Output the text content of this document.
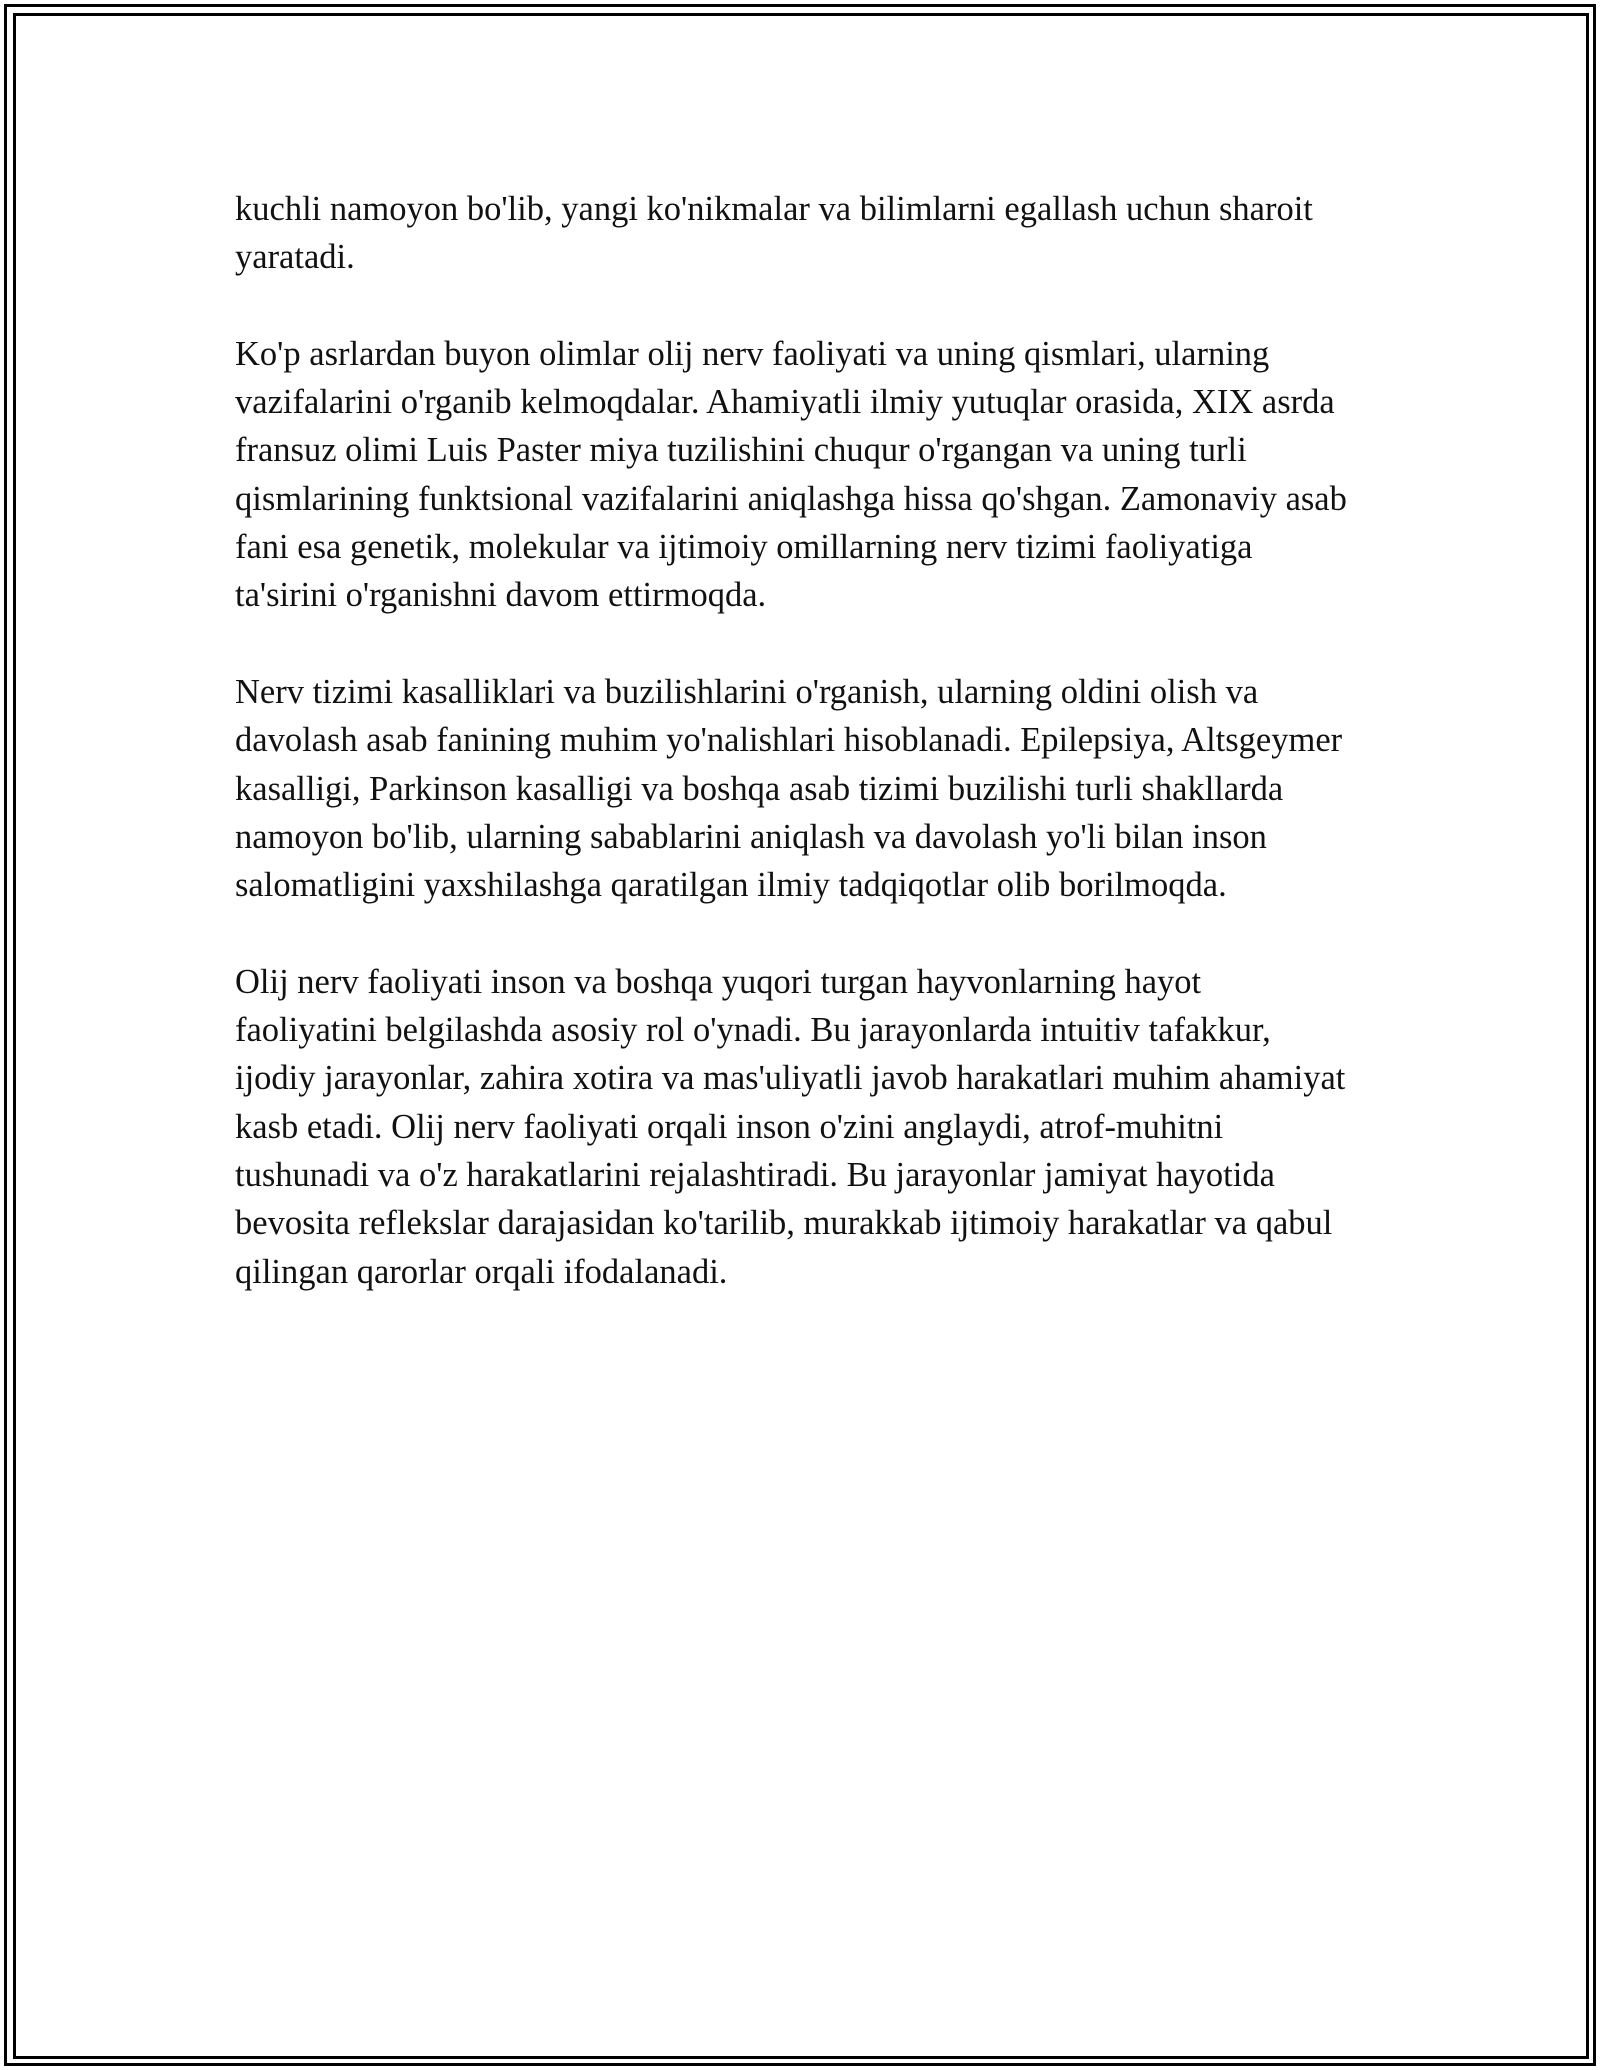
kuchli namoyon bo'lib, yangi ko'nikmalar va bilimlarni egallash uchun sharoit yaratadi.

Ko'p asrlardan buyon olimlar olij nerv faoliyati va uning qismlari, ularning vazifalarini o'rganib kelmoqdalar. Ahamiyatli ilmiy yutuqlar orasida, XIX asrda fransuz olimi Luis Paster miya tuzilishini chuqur o'rgangan va uning turli qismlarining funktsional vazifalarini aniqlashga hissa qo'shgan. Zamonaviy asab fani esa genetik, molekular va ijtimoiy omillarning nerv tizimi faoliyatiga ta'sirini o'rganishni davom ettirmoqda.

Nerv tizimi kasalliklari va buzilishlarini o'rganish, ularning oldini olish va davolash asab fanining muhim yo'nalishlari hisoblanadi. Epilepsiya, Altsgeymer kasalligi, Parkinson kasalligi va boshqa asab tizimi buzilishi turli shakllarda namoyon bo'lib, ularning sabablarini aniqlash va davolash yo'li bilan inson salomatligini yaxshilashga qaratilgan ilmiy tadqiqotlar olib borilmoqda.

Olij nerv faoliyati inson va boshqa yuqori turgan hayvonlarning hayot faoliyatini belgilashda asosiy rol o'ynadi. Bu jarayonlarda intuitiv tafakkur, ijodiy jarayonlar, zahira xotira va mas'uliyatli javob harakatlari muhim ahamiyat kasb etadi. Olij nerv faoliyati orqali inson o'zini anglaydi, atrof-muhitni tushunadi va o'z harakatlarini rejalashtiradi. Bu jarayonlar jamiyat hayotida bevosita reflekslar darajasidan ko'tarilib, murakkab ijtimoiy harakatlar va qabul qilingan qarorlar orqali ifodalanadi.
